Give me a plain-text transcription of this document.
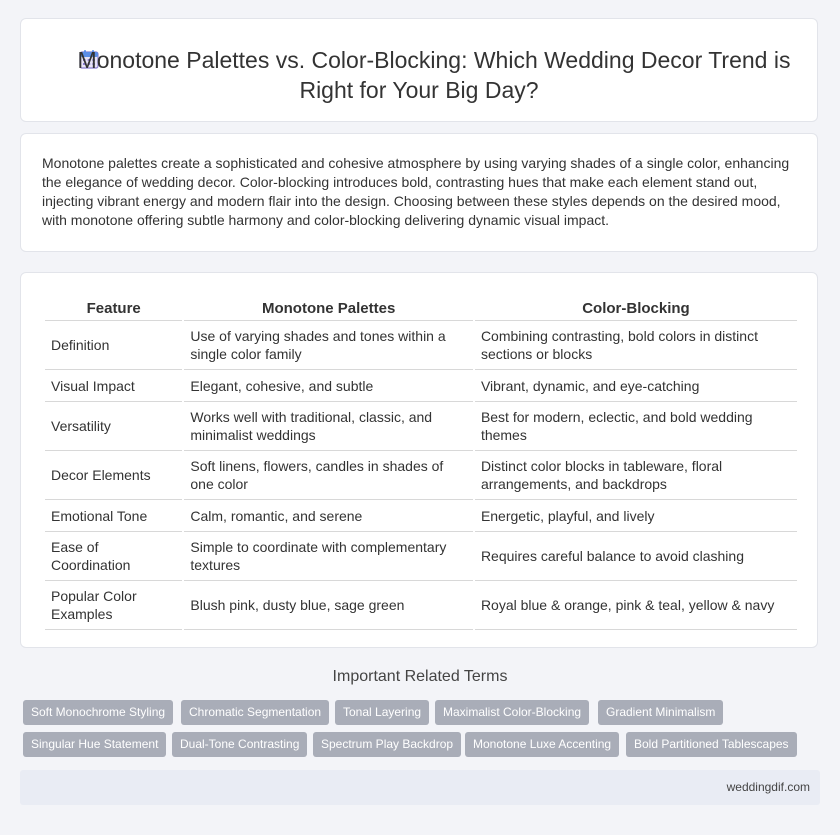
Monotone Palettes vs. Color-Blocking: Which Wedding Decor Trend is Right for Your Big Day?

Monotone palettes create a sophisticated and cohesive atmosphere by using varying shades of a single color, enhancing the elegance of wedding decor. Color-blocking introduces bold, contrasting hues that make each element stand out, injecting vibrant energy and modern flair into the design. Choosing between these styles depends on the desired mood, with monotone offering subtle harmony and color-blocking delivering dynamic visual impact.

Feature	Monotone Palettes	Color-Blocking
Definition	Use of varying shades and tones within a single color family	Combining contrasting, bold colors in distinct sections or blocks
Visual Impact	Elegant, cohesive, and subtle	Vibrant, dynamic, and eye-catching
Versatility	Works well with traditional, classic, and minimalist weddings	Best for modern, eclectic, and bold wedding themes
Decor Elements	Soft linens, flowers, candles in shades of one color	Distinct color blocks in tableware, floral arrangements, and backdrops
Emotional Tone	Calm, romantic, and serene	Energetic, playful, and lively
Ease of Coordination	Simple to coordinate with complementary textures	Requires careful balance to avoid clashing
Popular Color Examples	Blush pink, dusty blue, sage green	Royal blue & orange, pink & teal, yellow & navy
Important Related Terms
Soft Monochrome Styling	Chromatic Segmentation	Tonal Layering	Maximalist Color-Blocking	Gradient Minimalism
Singular Hue Statement	Dual-Tone Contrasting	Spectrum Play Backdrop	Monotone Luxe Accenting	Bold Partitioned Tablescapes
weddingdif.com
